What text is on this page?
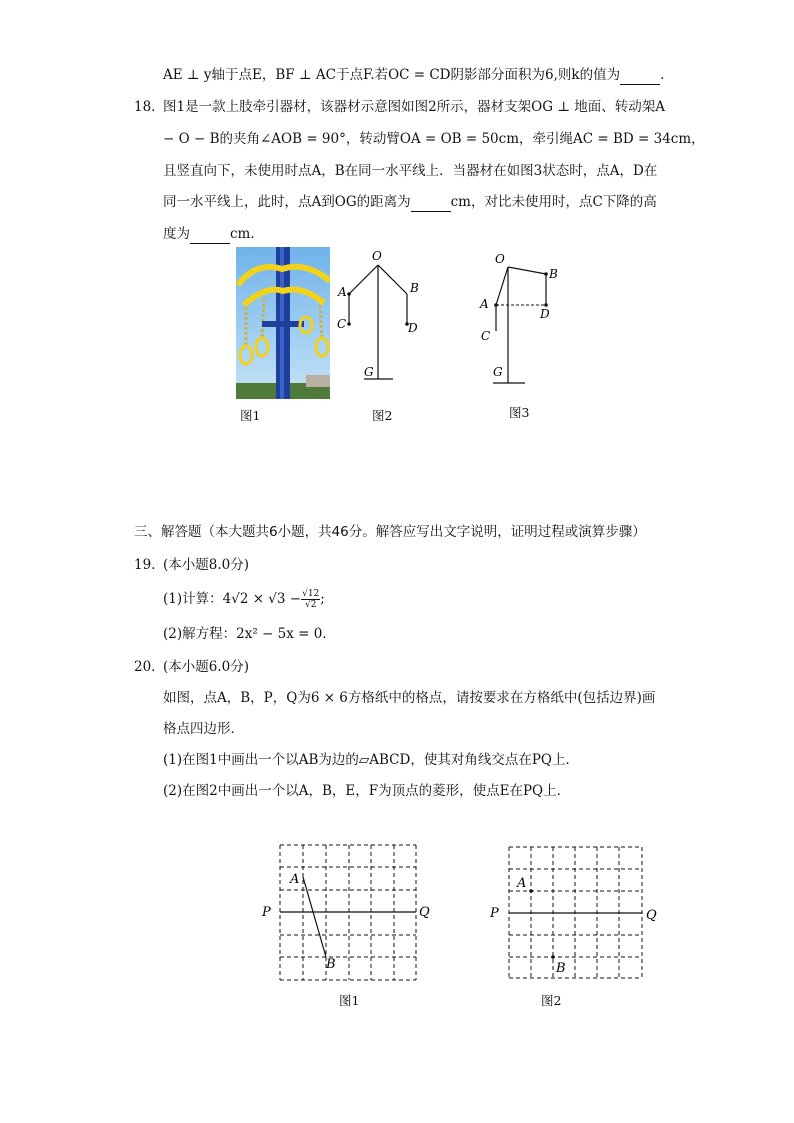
AE ⊥ y轴于点E，BF ⊥ AC于点F.若OC = CD阴影部分面积为6,则k的值为	.
18. 图1是一款上肢牵引器材，该器材示意图如图2所示，器材支架OG ⊥ 地面、转动架A
− O − B的夹角∠AOB = 90°，转动臂OA = OB = 50cm，牵引绳AC = BD = 34cm，
且竖直向下，未使用时点A，B在同一水平线上．当器材在如图3状态时，点A，D在
同一水平线上，此时，点A到OG的距离为	cm，对比未使用时，点C下降的高
度为	cm．
图1
O
A	B
C	D
G
图2
O
B
A
D
C
G
图3
三、解答题（本大题共6小题，共46分。解答应写出文字说明，证明过程或演算步骤）
19. (本小题8.0分)
(1)计算：$4√2 \times √3 - \frac{√12}{√2}$ ;
(2)解方程：2x² − 5x = 0．
20. (本小题6.0分)
如图，点A，B，P，Q为6 × 6方格纸中的格点，请按要求在方格纸中(包括边界)画
格点四边形．
(1)在图1中画出一个以AB为边的▱ABCD，使其对角线交点在PQ上．
(2)在图2中画出一个以A，B，E，F为顶点的菱形，使点E在PQ上．
A
B
P	Q
图1
A
B
P	Q
图2
